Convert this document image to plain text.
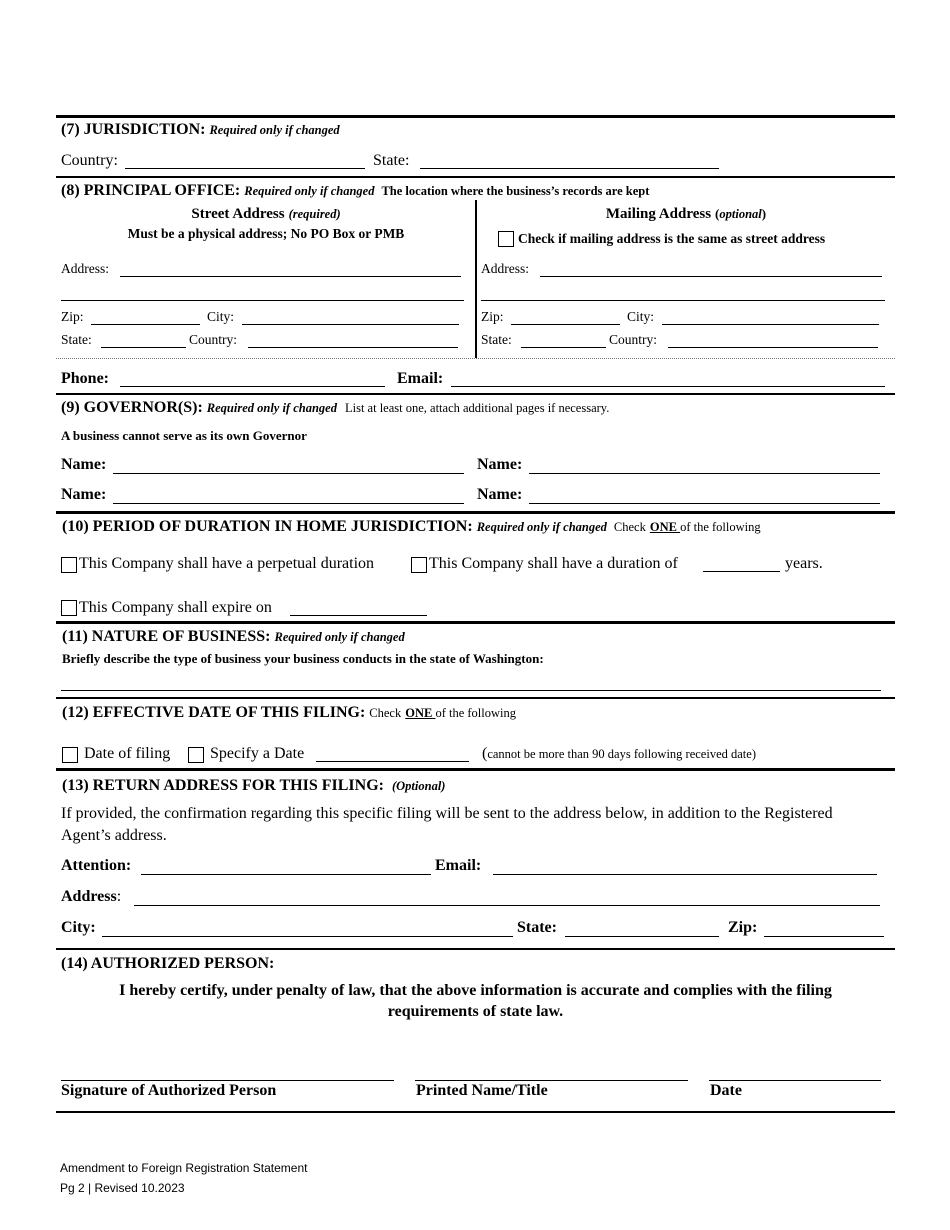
(7) JURISDICTION: Required only if changed
Country:	State:
(8) PRINCIPAL OFFICE: Required only if changed The location where the business’s records are kept
Street Address (required)
Must be a physical address; No PO Box or PMB
Address:
Zip:	City:
State:	Country:
Mailing Address (optional)
Check if mailing address is the same as street address
Address:
Zip:	City:
State:	Country:
Phone:	Email:
(9) GOVERNOR(S): Required only if changed List at least one, attach additional pages if necessary.
A business cannot serve as its own Governor
Name:	Name:
Name:	Name:
(10) PERIOD OF DURATION IN HOME JURISDICTION: Required only if changed Check ONE of the following
This Company shall have a perpetual duration	This Company shall have a duration of	years.
This Company shall expire on
(11) NATURE OF BUSINESS: Required only if changed
Briefly describe the type of business your business conducts in the state of Washington:
(12) EFFECTIVE DATE OF THIS FILING: Check ONE of the following
Date of filing Specify a Date	(cannot be more than 90 days following received date)
(13) RETURN ADDRESS FOR THIS FILING: (Optional)
If provided, the confirmation regarding this specific filing will be sent to the address below, in addition to the Registered
Agent’s address.
Attention:	Email:
Address:
City:	State:	Zip:
(14) AUTHORIZED PERSON:
I hereby certify, under penalty of law, that the above information is accurate and complies with the filing
requirements of state law.
Signature of Authorized Person	Printed Name/Title	Date
Amendment to Foreign Registration Statement
Pg 2 | Revised 10.2023
